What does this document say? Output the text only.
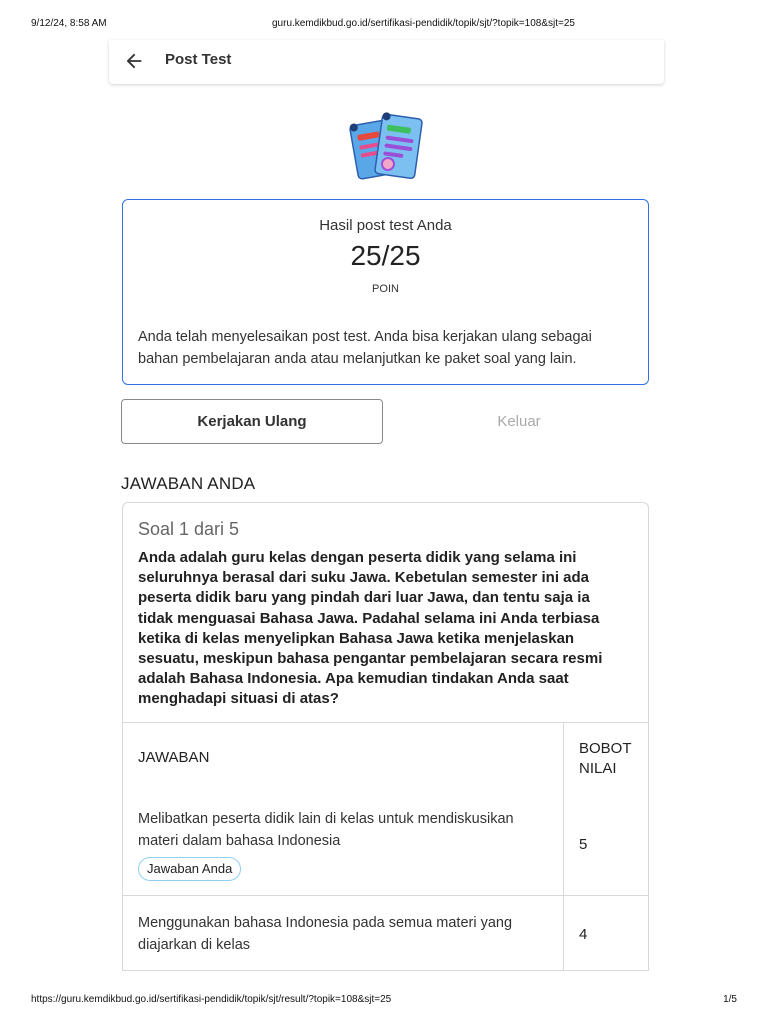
9/12/24, 8:58 AM	guru.kemdikbud.go.id/sertifikasi-pendidik/topik/sjt/?topik=108&sjt=25
Post Test
Hasil post test Anda
25/25
POIN
Anda telah menyelesaikan post test. Anda bisa kerjakan ulang sebagai bahan pembelajaran anda atau melanjutkan ke paket soal yang lain.
Kerjakan Ulang	Keluar
JAWABAN ANDA
Soal 1 dari 5
Anda adalah guru kelas dengan peserta didik yang selama ini seluruhnya berasal dari suku Jawa. Kebetulan semester ini ada peserta didik baru yang pindah dari luar Jawa, dan tentu saja ia tidak menguasai Bahasa Jawa. Padahal selama ini Anda terbiasa ketika di kelas menyelipkan Bahasa Jawa ketika menjelaskan sesuatu, meskipun bahasa pengantar pembelajaran secara resmi adalah Bahasa Indonesia. Apa kemudian tindakan Anda saat menghadapi situasi di atas?
JAWABAN
BOBOT NILAI
Melibatkan peserta didik lain di kelas untuk mendiskusikan materi dalam bahasa Indonesia
Jawaban Anda
5
Menggunakan bahasa Indonesia pada semua materi yang diajarkan di kelas
4
https://guru.kemdikbud.go.id/sertifikasi-pendidik/topik/sjt/result/?topik=108&sjt=25	1/5
